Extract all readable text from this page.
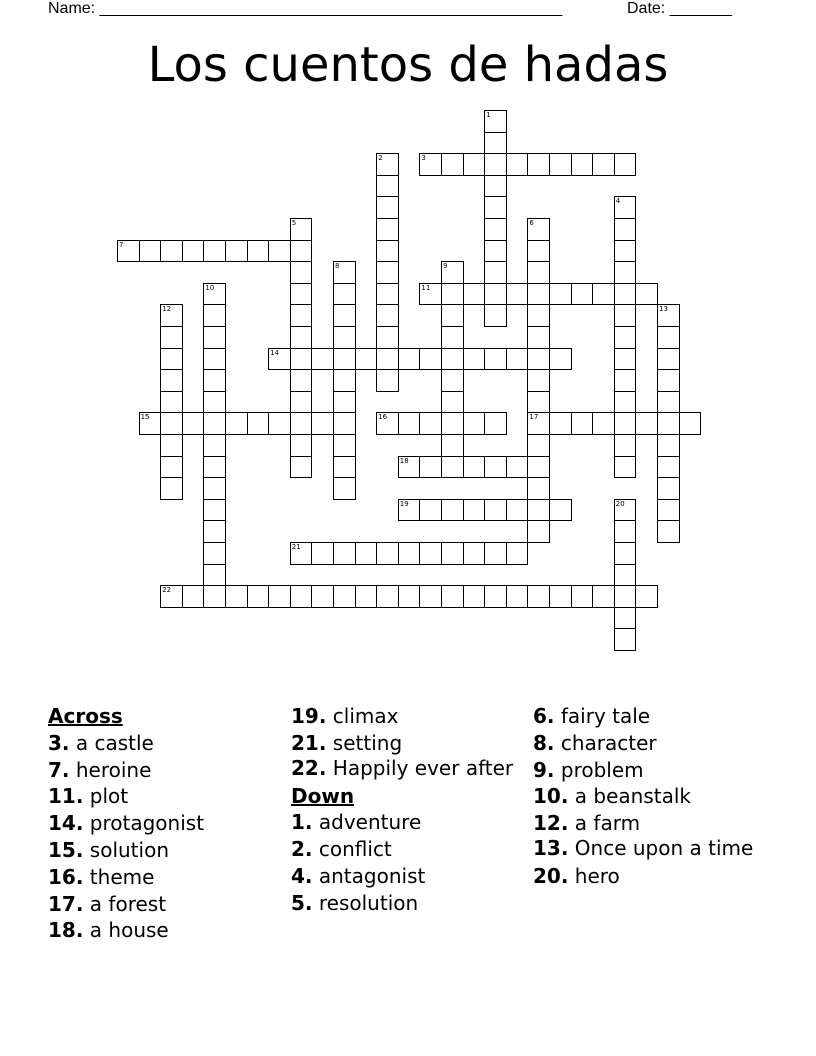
Name: ____________________________________________________	Date: _______
Los cuentos de hadas
1
2	3
4
5	6
17
7
8	9
10	11
12	13
14
15	16
18
19	20
21
22

Across

3. a castle

7. heroine

11. plot

14. protagonist

15. solution

16. theme

17. a forest

18. a house

19. climax

21. setting

22. Happily ever after

Down

1. adventure

2. conflict

4. antagonist

5. resolution

6. fairy tale

8. character

9. problem

10. a beanstalk

12. a farm

13. Once upon a time

20. hero
